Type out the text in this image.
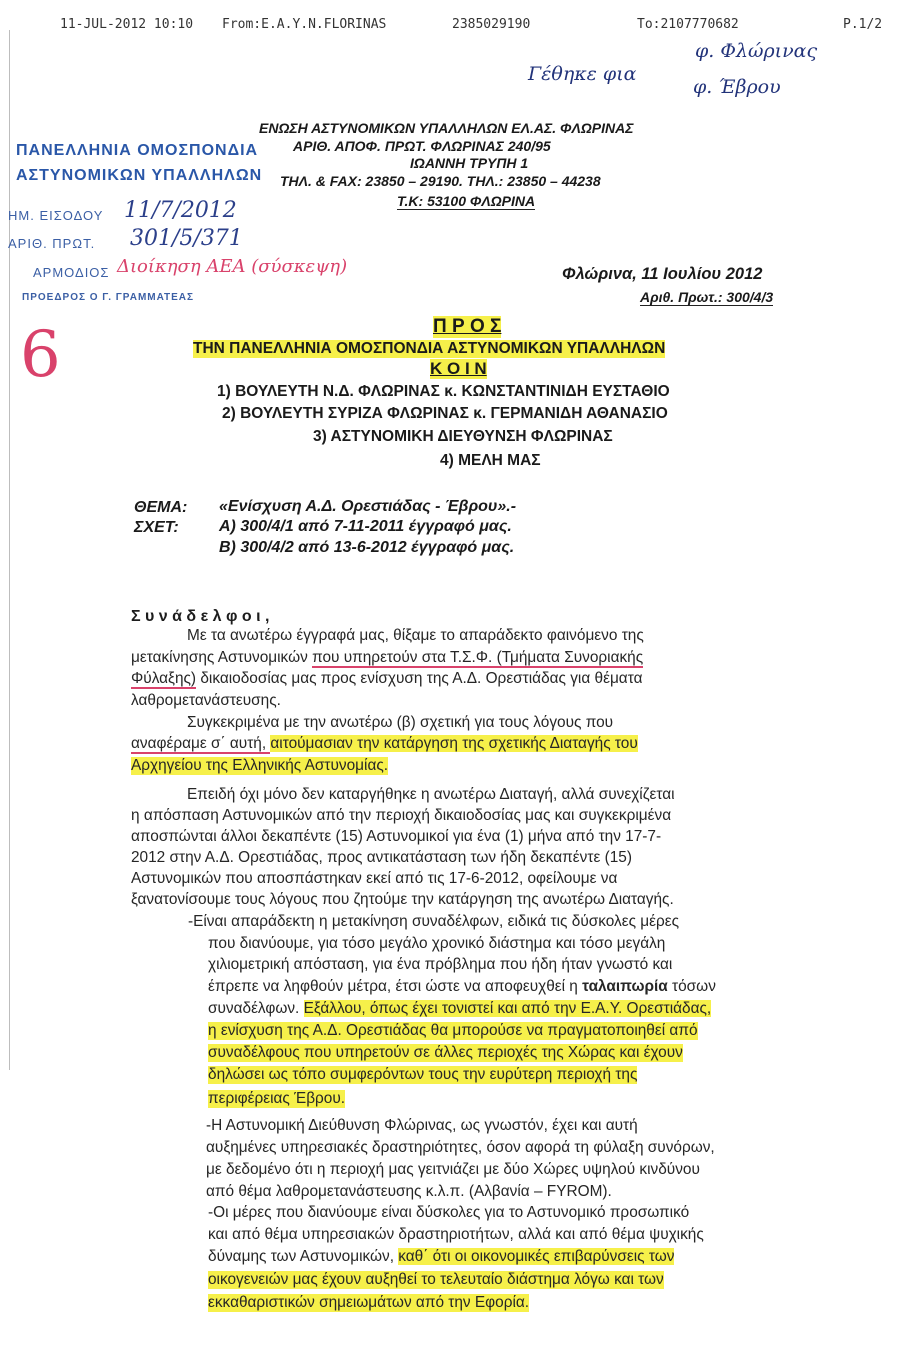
11-JUL-2012 10:10 From:E.A.Y.N.FLORINAS	2385029190	To:2107770682	P.1/2
φ. Φλώρινας
Γέθηκε φια
φ. Έβρου
ΠΑΝΕΛΛΗΝΙΑ ΟΜΟΣΠΟΝΔΙΑ
ΑΣΤΥΝΟΜΙΚΩΝ ΥΠΑΛΛΗΛΩΝ
ΗΜ. ΕΙΣΟΔΟΥ 11/7/2012
ΑΡΙΘ. ΠΡΩΤ. 301/5/371
ΑΡΜΟΔΙΟΣ Διοίκηση ΑΕΑ (σύσκεψη)
ΠΡΟΕΔΡΟΣ Ο Γ. ΓΡΑΜΜΑΤΕΑΣ
6
ΕΝΩΣΗ ΑΣΤΥΝΟΜΙΚΩΝ ΥΠΑΛΛΗΛΩΝ ΕΛ.ΑΣ. ΦΛΩΡΙΝΑΣ
ΑΡΙΘ. ΑΠΟΦ. ΠΡΩΤ. ΦΛΩΡΙΝΑΣ 240/95
ΙΩΑΝΝΗ ΤΡΥΠΗ 1
ΤΗΛ. & FAX: 23850 – 29190. ΤΗΛ.: 23850 – 44238
Τ.Κ: 53100 ΦΛΩΡΙΝΑ
Φλώρινα, 11 Ιουλίου 2012
Αριθ. Πρωτ.: 300/4/3
Π Ρ Ο Σ
ΤΗΝ ΠΑΝΕΛΛΗΝΙΑ ΟΜΟΣΠΟΝΔΙΑ ΑΣΤΥΝΟΜΙΚΩΝ ΥΠΑΛΛΗΛΩΝ
Κ Ο Ι Ν
1) ΒΟΥΛΕΥΤΗ Ν.Δ. ΦΛΩΡΙΝΑΣ κ. ΚΩΝΣΤΑΝΤΙΝΙΔΗ ΕΥΣΤΑΘΙΟ
2) ΒΟΥΛΕΥΤΗ ΣΥΡΙΖΑ ΦΛΩΡΙΝΑΣ κ. ΓΕΡΜΑΝΙΔΗ ΑΘΑΝΑΣΙΟ
3) ΑΣΤΥΝΟΜΙΚΗ ΔΙΕΥΘΥΝΣΗ ΦΛΩΡΙΝΑΣ
4) ΜΕΛΗ ΜΑΣ
ΘΕΜΑ: «Ενίσχυση Α.Δ. Ορεστιάδας - Έβρου».-
ΣΧΕΤ:	Α) 300/4/1 από 7-11-2011 έγγραφό μας.
Β) 300/4/2 από 13-6-2012 έγγραφό μας.
Σ υ ν ά δ ε λ φ ο ι ,
Με τα ανωτέρω έγγραφά μας, θίξαμε το απαράδεκτο φαινόμενο της
μετακίνησης Αστυνομικών που υπηρετούν στα Τ.Σ.Φ. (Τμήματα Συνοριακής
Φύλαξης) δικαιοδοσίας μας προς ενίσχυση της Α.Δ. Ορεστιάδας για θέματα
λαθρομετανάστευσης.
Συγκεκριμένα με την ανωτέρω (β) σχετική για τους λόγους που
αναφέραμε σ΄ αυτή, αιτούμασιαν την κατάργηση της σχετικής Διαταγής του
Αρχηγείου της Ελληνικής Αστυνομίας.
Επειδή όχι μόνο δεν καταργήθηκε η ανωτέρω Διαταγή, αλλά συνεχίζεται
η απόσπαση Αστυνομικών από την περιοχή δικαιοδοσίας μας και συγκεκριμένα
αποσπώνται άλλοι δεκαπέντε (15) Αστυνομικοί για ένα (1) μήνα από την 17-7-
2012 στην Α.Δ. Ορεστιάδας, προς αντικατάσταση των ήδη δεκαπέντε (15)
Αστυνομικών που αποσπάστηκαν εκεί από τις 17-6-2012, οφείλουμε να
ξανατονίσουμε τους λόγους που ζητούμε την κατάργηση της ανωτέρω Διαταγής.
-Είναι απαράδεκτη η μετακίνηση συναδέλφων, ειδικά τις δύσκολες μέρες
που διανύουμε, για τόσο μεγάλο χρονικό διάστημα και τόσο μεγάλη
χιλιομετρική απόσταση, για ένα πρόβλημα που ήδη ήταν γνωστό και
έπρεπε να ληφθούν μέτρα, έτσι ώστε να αποφευχθεί η ταλαιπωρία τόσων
συναδέλφων. Εξάλλου, όπως έχει τονιστεί και από την Ε.Α.Υ. Ορεστιάδας,
η ενίσχυση της Α.Δ. Ορεστιάδας θα μπορούσε να πραγματοποιηθεί από
συναδέλφους που υπηρετούν σε άλλες περιοχές της Χώρας και έχουν
δηλώσει ως τόπο συμφερόντων τους την ευρύτερη περιοχή της
περιφέρειας Έβρου.
-Η Αστυνομική Διεύθυνση Φλώρινας, ως γνωστόν, έχει και αυτή
αυξημένες υπηρεσιακές δραστηριότητες, όσον αφορά τη φύλαξη συνόρων,
με δεδομένο ότι η περιοχή μας γειτνιάζει με δύο Χώρες υψηλού κινδύνου
από θέμα λαθρομετανάστευσης κ.λ.π. (Αλβανία – FYROM).
-Οι μέρες που διανύουμε είναι δύσκολες για το Αστυνομικό προσωπικό
και από θέμα υπηρεσιακών δραστηριοτήτων, αλλά και από θέμα ψυχικής
δύναμης των Αστυνομικών, καθ΄ ότι οι οικονομικές επιβαρύνσεις των
οικογενειών μας έχουν αυξηθεί το τελευταίο διάστημα λόγω και των
εκκαθαριστικών σημειωμάτων από την Εφορία.
